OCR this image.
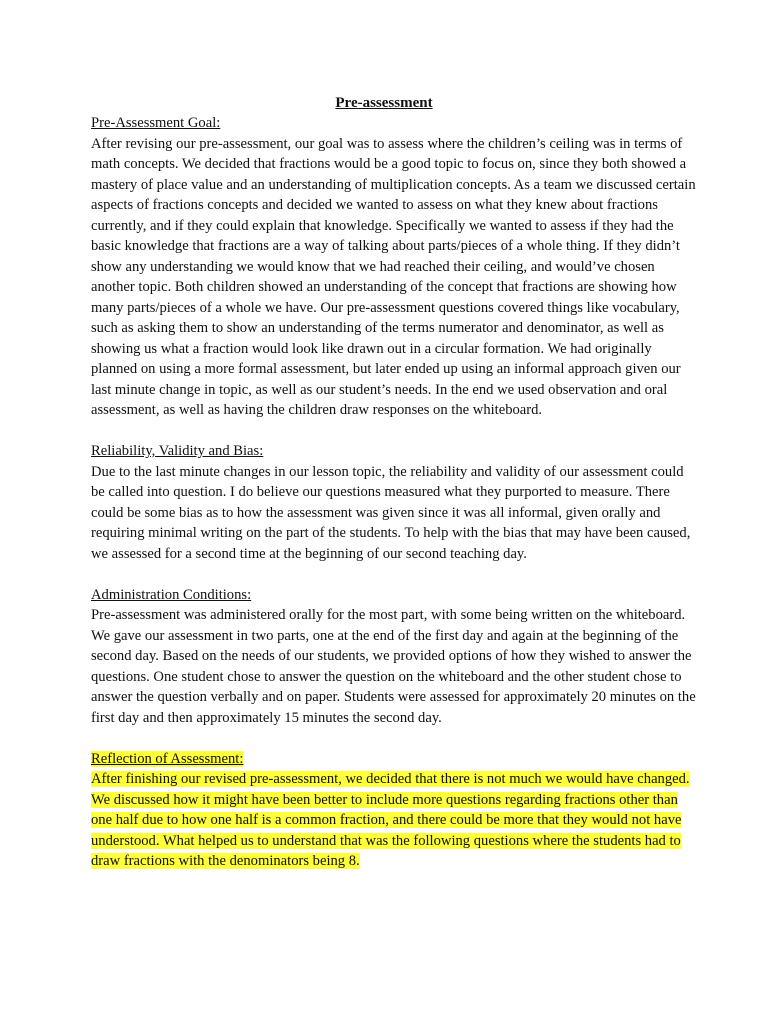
Pre-assessment
Pre-Assessment Goal:

After revising our pre-assessment, our goal was to assess where the children’s ceiling was in terms of math concepts. We decided that fractions would be a good topic to focus on, since they both showed a mastery of place value and an understanding of multiplication concepts. As a team we discussed certain aspects of fractions concepts and decided we wanted to assess on what they knew about fractions currently, and if they could explain that knowledge. Specifically we wanted to assess if they had the basic knowledge that fractions are a way of talking about parts/pieces of a whole thing. If they didn’t show any understanding we would know that we had reached their ceiling, and would’ve chosen another topic. Both children showed an understanding of the concept that fractions are showing how many parts/pieces of a whole we have. Our pre-assessment questions covered things like vocabulary, such as asking them to show an understanding of the terms numerator and denominator, as well as showing us what a fraction would look like drawn out in a circular formation. We had originally planned on using a more formal assessment, but later ended up using an informal approach given our last minute change in topic, as well as our student’s needs. In the end we used observation and oral assessment, as well as having the children draw responses on the whiteboard.

Reliability, Validity and Bias:

Due to the last minute changes in our lesson topic, the reliability and validity of our assessment could be called into question. I do believe our questions measured what they purported to measure. There could be some bias as to how the assessment was given since it was all informal, given orally and requiring minimal writing on the part of the students. To help with the bias that may have been caused, we assessed for a second time at the beginning of our second teaching day.

Administration Conditions:

Pre-assessment was administered orally for the most part, with some being written on the whiteboard. We gave our assessment in two parts, one at the end of the first day and again at the beginning of the second day. Based on the needs of our students, we provided options of how they wished to answer the questions. One student chose to answer the question on the whiteboard and the other student chose to answer the question verbally and on paper. Students were assessed for approximately 20 minutes on the first day and then approximately 15 minutes the second day.

Reflection of Assessment:

After finishing our revised pre-assessment, we decided that there is not much we would have changed. We discussed how it might have been better to include more questions regarding fractions other than one half due to how one half is a common fraction, and there could be more that they would not have understood. What helped us to understand that was the following questions where the students had to draw fractions with the denominators being 8.
